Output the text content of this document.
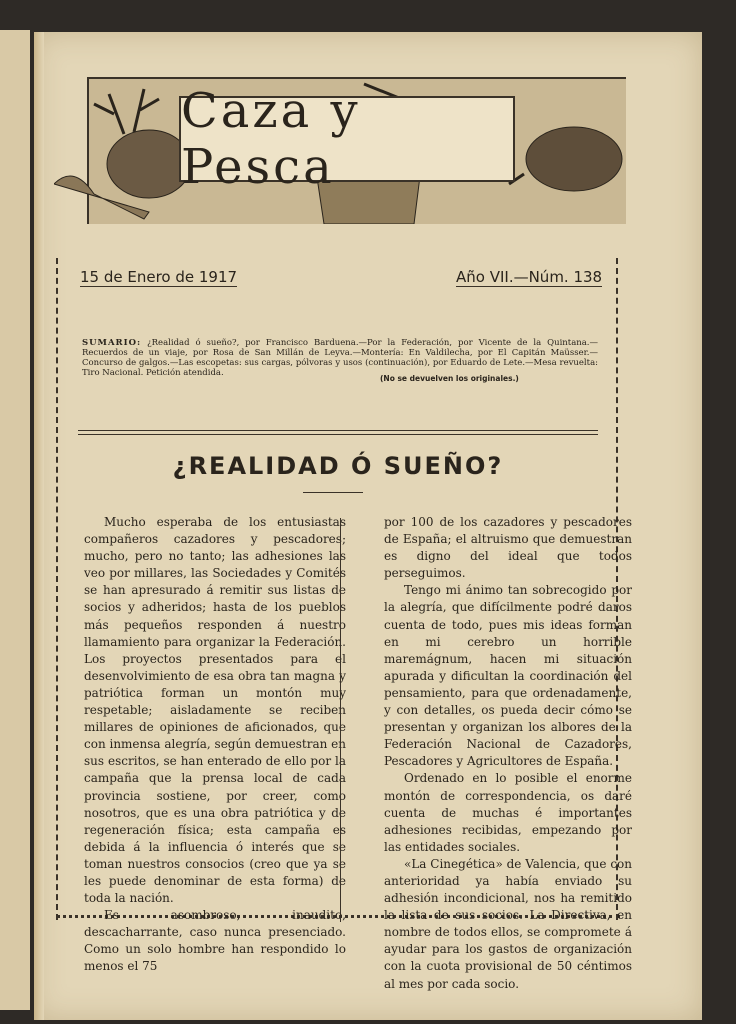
Caza y Pesca
15 de Enero de 1917	Año VII.—Núm. 138
SUMARIO: ¿Realidad ó sueño?, por Francisco Barduena.—Por la Federación, por Vicente de la Quintana.—Recuerdos de un viaje, por Rosa de San Millán de Leyva.—Montería: En Valdilecha, por El Capitán Maüsser.—Concurso de galgos.—Las escopetas: sus cargas, pólvoras y usos (continuación), por Eduardo de Lete.—Mesa revuelta: Tiro Nacional. Petición atendida.
(No se devuelven los originales.)
¿REALIDAD Ó SUEÑO?

Mucho esperaba de los entusiastas compañeros cazadores y pescadores; mucho, pero no tanto; las adhesiones las veo por millares, las Sociedades y Comités se han apresurado á remitir sus listas de socios y adheridos; hasta de los pueblos más pequeños responden á nuestro llamamiento para organizar la Federación. Los proyectos presentados para el desenvolvimiento de esa obra tan magna y patriótica forman un montón muy respetable; aisladamente se reciben millares de opiniones de aficionados, que con inmensa alegría, según demuestran en sus escritos, se han enterado de ello por la campaña que la prensa local de cada provincia sostiene, por creer, como nosotros, que es una obra patriótica y de regeneración física; esta campaña es debida á la influencia ó interés que se toman nuestros consocios (creo que ya se les puede denominar de esta forma) de toda la nación.

Es asombroso, inaudito, descacharrante, caso nunca presenciado. Como un solo hombre han respondido lo menos el 75

por 100 de los cazadores y pescadores de España; el altruismo que demuestran es digno del ideal que todos perseguimos.

Tengo mi ánimo tan sobrecogido por la alegría, que difícilmente podré daros cuenta de todo, pues mis ideas forman en mi cerebro un horrible maremágnum, hacen mi situación apurada y dificultan la coordinación del pensamiento, para que ordenadamente, y con detalles, os pueda decir cómo se presentan y organizan los albores de la Federación Nacional de Cazadores, Pescadores y Agricultores de España.

Ordenado en lo posible el enorme montón de correspondencia, os daré cuenta de muchas é importantes adhesiones recibidas, empezando por las entidades sociales.

«La Cinegética» de Valencia, que con anterioridad ya había enviado su adhesión incondicional, nos ha remitido la lista de sus socios. La Directiva, en nombre de todos ellos, se compromete á ayudar para los gastos de organización con la cuota provisional de 50 céntimos al mes por cada socio.
